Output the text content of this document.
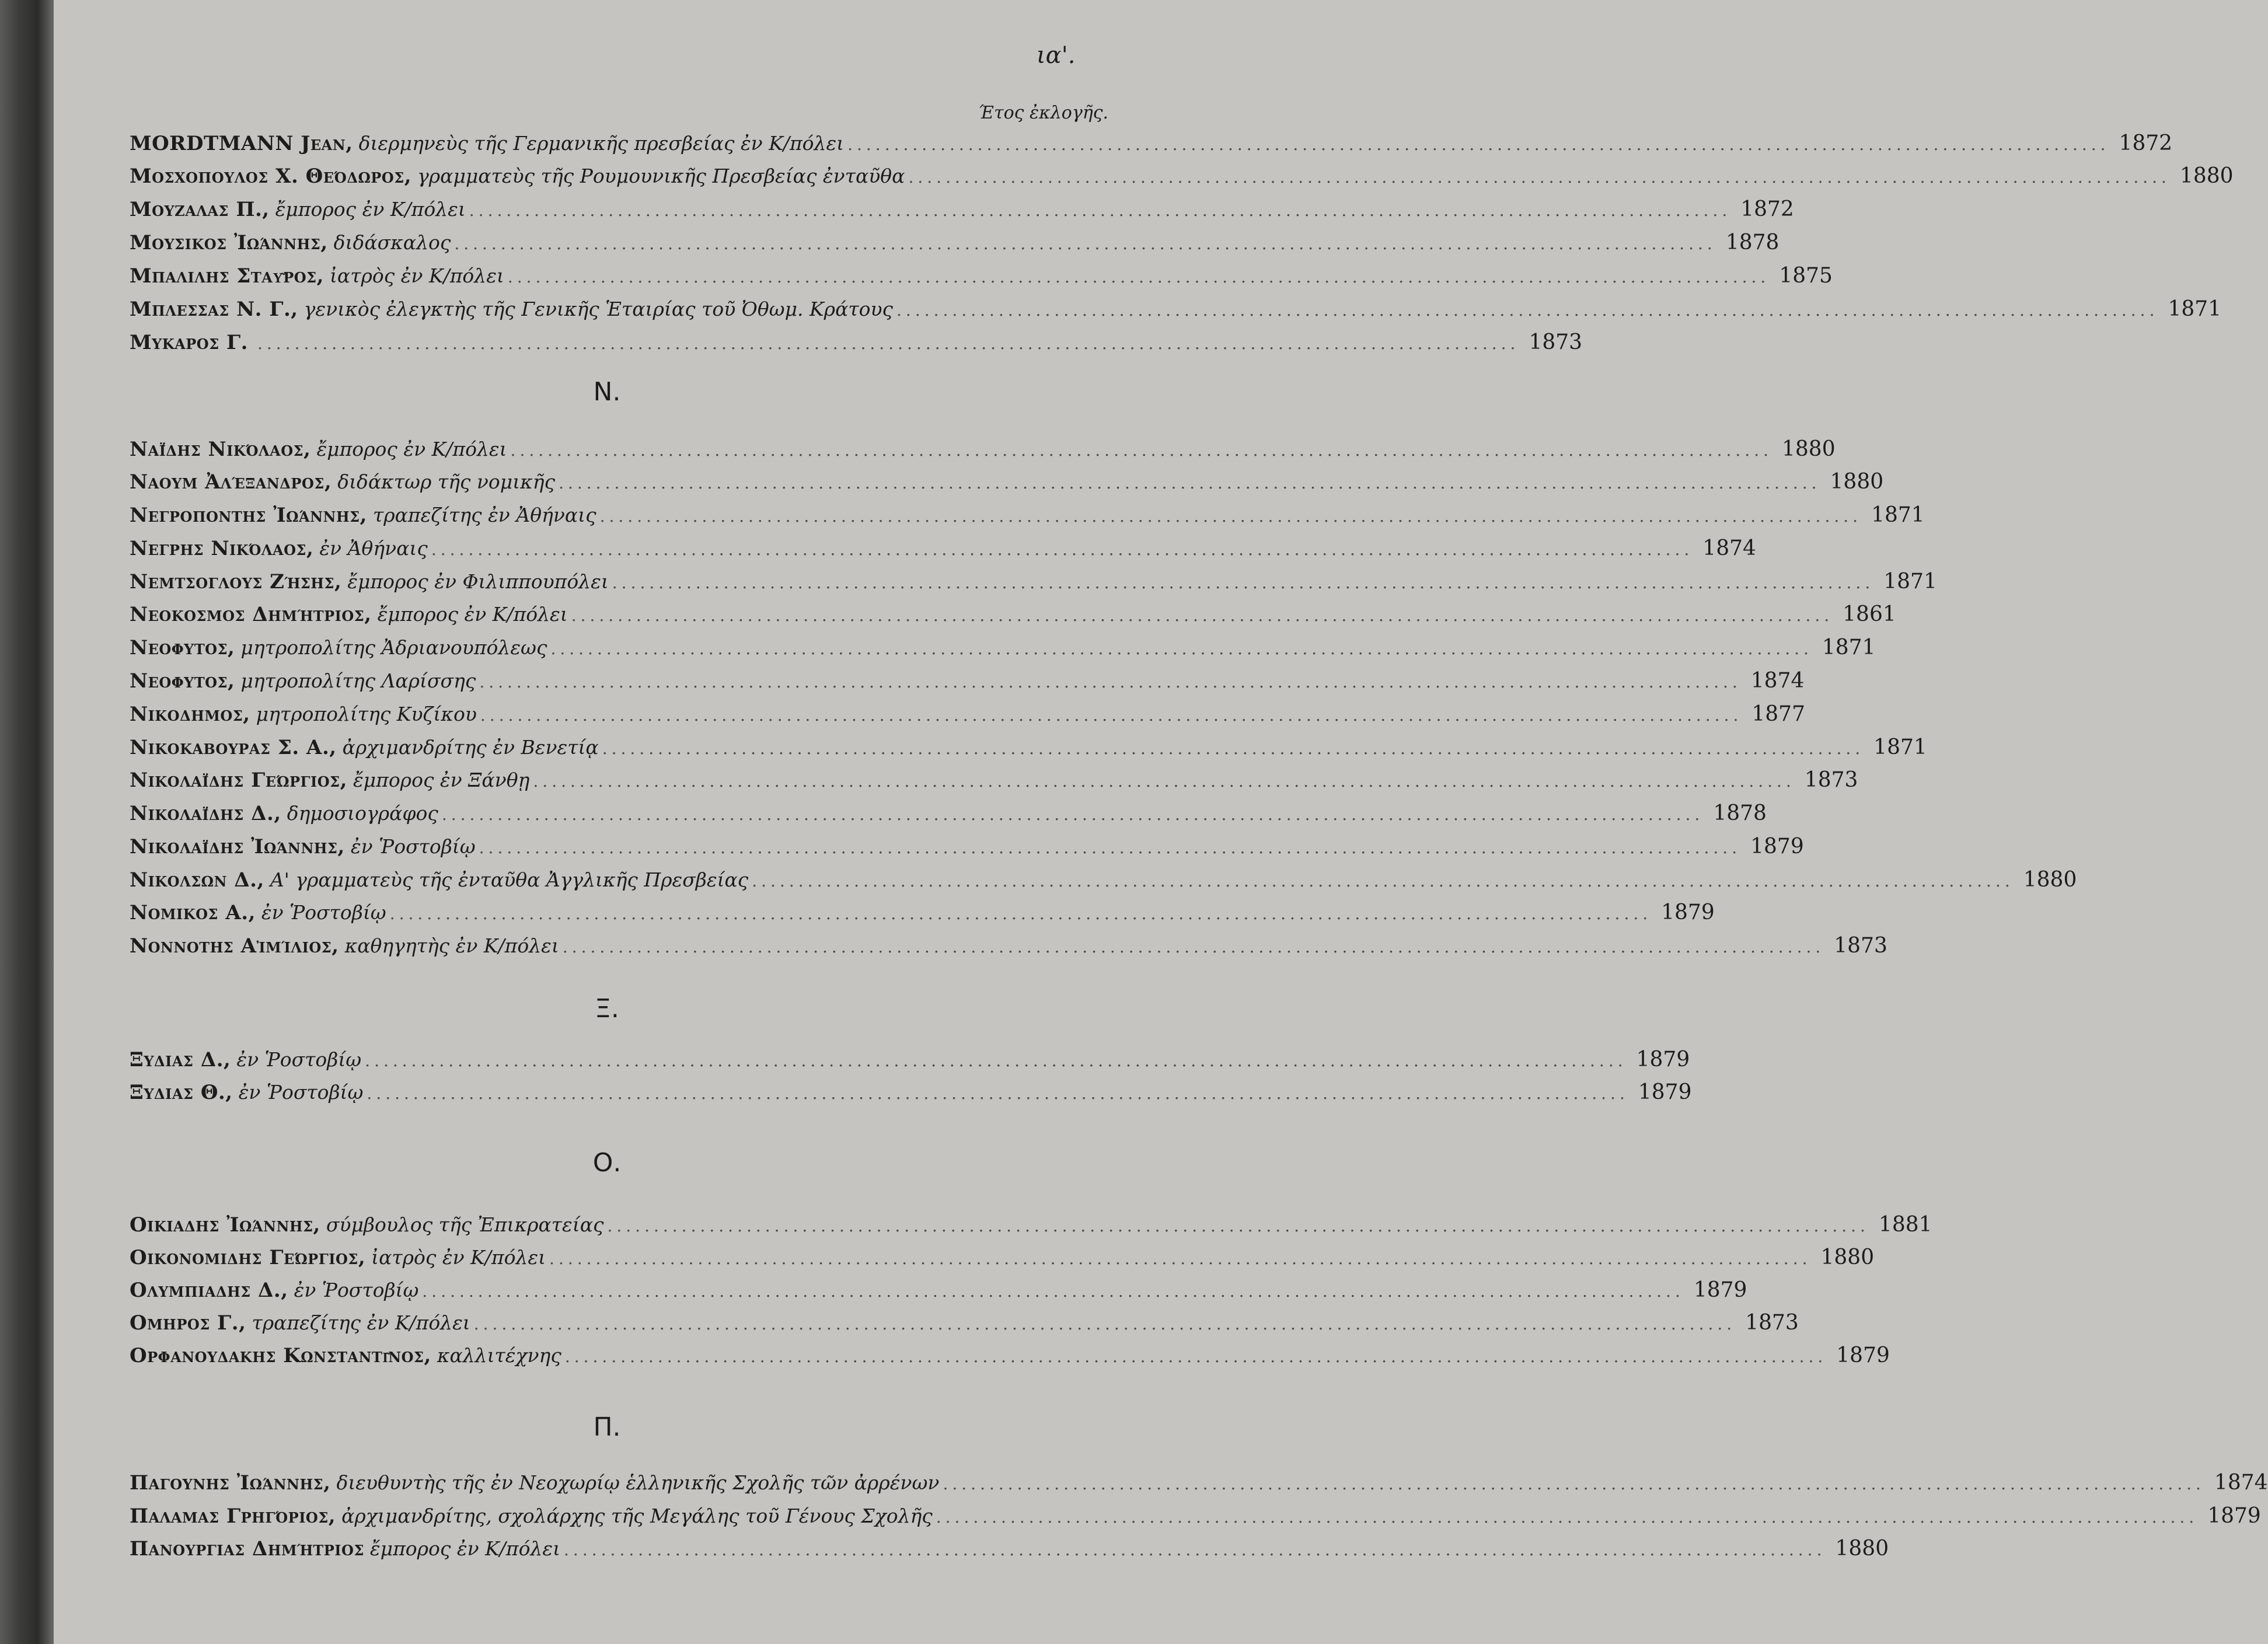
ια'.
Έτος ἐκλογῆς.
MORDTMANN Jean, διερμηνεὺς τῆς Γερμανικῆς πρεσβείας ἐν Κ/πόλει ........................................................................................................................................ 1872
Μοσχοπουλος Χ. Θεόδωρος, γραμματεὺς τῆς Ρουμουνικῆς Πρεσβείας ἐνταῦθα ........................................................................................................................................ 1880
Μουζαλας Π., ἔμπορος ἐν Κ/πόλει ........................................................................................................................................ 1872
Μουσικος Ἰωάννης, διδάσκαλος ........................................................................................................................................ 1878
Μπαλιλης Σταῦρος, ἰατρὸς ἐν Κ/πόλει ........................................................................................................................................ 1875
Μπλεσσας Ν. Γ., γενικὸς ἐλεγκτὴς τῆς Γενικῆς Ἑταιρίας τοῦ Ὀθωμ. Κράτους ........................................................................................................................................ 1871
Μυκαρος Γ. ........................................................................................................................................ 1873
Ν.
Ναΐδης Νικόλαος, ἔμπορος ἐν Κ/πόλει ........................................................................................................................................ 1880
Ναουμ Ἀλέξανδρος, διδάκτωρ τῆς νομικῆς ........................................................................................................................................ 1880
Νεγροποντης Ἰωάννης, τραπεζίτης ἐν Ἀθήναις ........................................................................................................................................ 1871
Νεγρης Νικόλαος, ἐν Ἀθήναις ........................................................................................................................................ 1874
Νεμτσογλους Ζήσης, ἔμπορος ἐν Φιλιππουπόλει ........................................................................................................................................ 1871
Νεοκοσμος Δημήτριος, ἔμπορος ἐν Κ/πόλει ........................................................................................................................................ 1861
Νεοφυτος, μητροπολίτης Ἀδριανουπόλεως ........................................................................................................................................ 1871
Νεοφυτος, μητροπολίτης Λαρίσσης ........................................................................................................................................ 1874
Νικοδημος, μητροπολίτης Κυζίκου ........................................................................................................................................ 1877
Νικοκαβουρας Σ. Α., ἀρχιμανδρίτης ἐν Βενετίᾳ ........................................................................................................................................ 1871
Νικολαΐδης Γεώργιος, ἔμπορος ἐν Ξάνθῃ ........................................................................................................................................ 1873
Νικολαΐδης Δ., δημοσιογράφος ........................................................................................................................................ 1878
Νικολαΐδης Ἰωάννης, ἐν Ῥοστοβίῳ ........................................................................................................................................ 1879
Νικολσων Δ., Α' γραμματεὺς τῆς ἐνταῦθα Ἀγγλικῆς Πρεσβείας ........................................................................................................................................ 1880
Νομικος Α., ἐν Ῥοστοβίῳ ........................................................................................................................................ 1879
Νοννοτης Αἰμίλιος, καθηγητὴς ἐν Κ/πόλει ........................................................................................................................................ 1873
Ξ.
Ξυδιας Δ., ἐν Ῥοστοβίῳ ........................................................................................................................................ 1879
Ξυδιας Θ., ἐν Ῥοστοβίῳ ........................................................................................................................................ 1879
Ο.
Οικιαδης Ἰωάννης, σύμβουλος τῆς Ἐπικρατείας ........................................................................................................................................ 1881
Οικονομιδης Γεώργιος, ἰατρὸς ἐν Κ/πόλει ........................................................................................................................................ 1880
Ολυμπιαδης Δ., ἐν Ῥοστοβίῳ ........................................................................................................................................ 1879
Ομηρος Γ., τραπεζίτης ἐν Κ/πόλει ........................................................................................................................................ 1873
Ορφανουδακης Κωνσταντῖνος, καλλιτέχνης ........................................................................................................................................ 1879
Π.
Παγουνης Ἰωάννης, διευθυντὴς τῆς ἐν Νεοχωρίῳ ἑλληνικῆς Σχολῆς τῶν ἀρρένων ........................................................................................................................................ 1874
Παλαμας Γρηγόριος, ἀρχιμανδρίτης, σχολάρχης τῆς Μεγάλης τοῦ Γένους Σχολῆς ........................................................................................................................................ 1879
Πανουργιας Δημήτριος ἔμπορος ἐν Κ/πόλει ........................................................................................................................................ 1880
